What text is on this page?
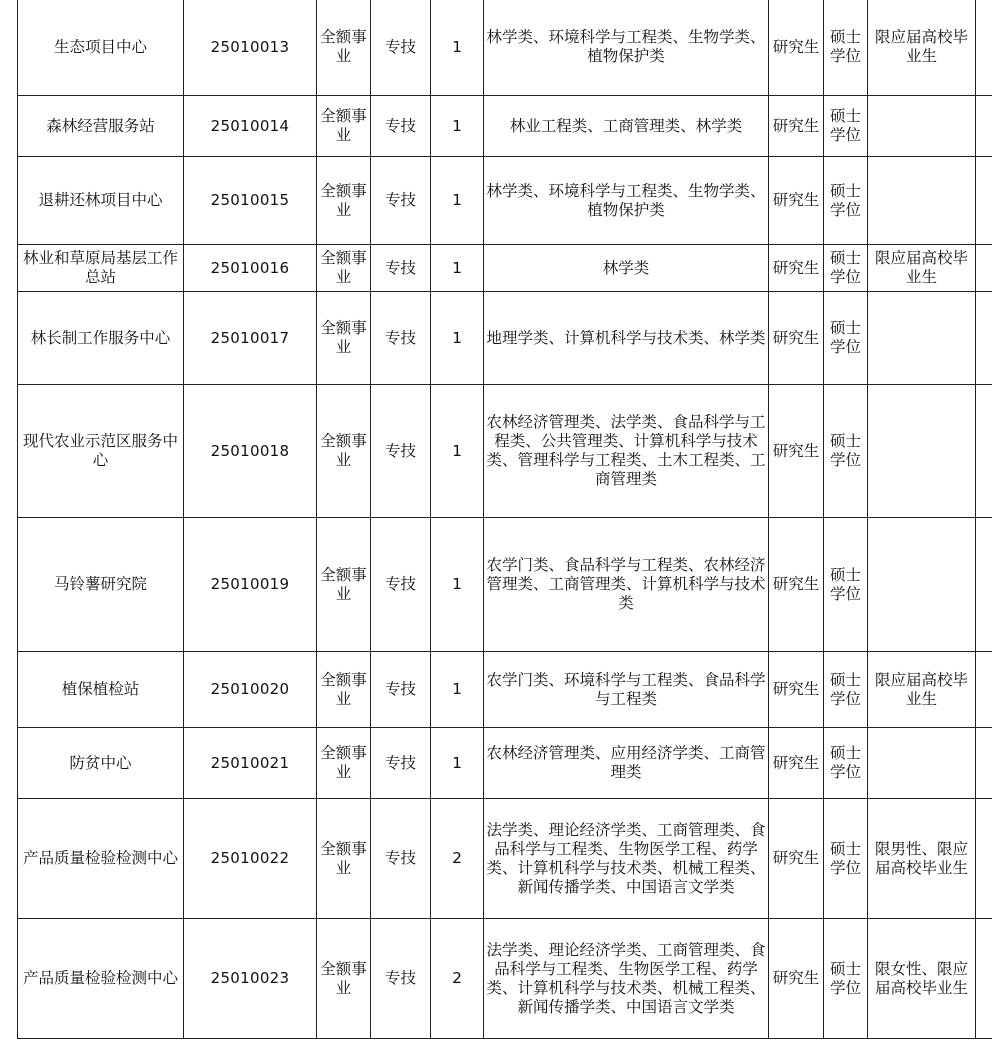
生态项目中心	25010013	全额事业	专技	1	林学类、环境科学与工程类、生物学类、植物保护类	研究生	硕士学位	限应届高校毕业生	
森林经营服务站	25010014	全额事业	专技	1	林业工程类、工商管理类、林学类	研究生	硕士学位		
退耕还林项目中心	25010015	全额事业	专技	1	林学类、环境科学与工程类、生物学类、植物保护类	研究生	硕士学位		
林业和草原局基层工作总站	25010016	全额事业	专技	1	林学类	研究生	硕士学位	限应届高校毕业生	
林长制工作服务中心	25010017	全额事业	专技	1	地理学类、计算机科学与技术类、林学类	研究生	硕士学位		
现代农业示范区服务中心	25010018	全额事业	专技	1	农林经济管理类、法学类、食品科学与工程类、公共管理类、计算机科学与技术类、管理科学与工程类、土木工程类、工商管理类	研究生	硕士学位		
马铃薯研究院	25010019	全额事业	专技	1	农学门类、食品科学与工程类、农林经济管理类、工商管理类、计算机科学与技术类	研究生	硕士学位		
植保植检站	25010020	全额事业	专技	1	农学门类、环境科学与工程类、食品科学与工程类	研究生	硕士学位	限应届高校毕业生	
防贫中心	25010021	全额事业	专技	1	农林经济管理类、应用经济学类、工商管理类	研究生	硕士学位		
产品质量检验检测中心	25010022	全额事业	专技	2	法学类、理论经济学类、工商管理类、食品科学与工程类、生物医学工程、药学类、计算机科学与技术类、机械工程类、新闻传播学类、中国语言文学类	研究生	硕士学位	限男性、限应届高校毕业生	
产品质量检验检测中心	25010023	全额事业	专技	2	法学类、理论经济学类、工商管理类、食品科学与工程类、生物医学工程、药学类、计算机科学与技术类、机械工程类、新闻传播学类、中国语言文学类	研究生	硕士学位	限女性、限应届高校毕业生	
